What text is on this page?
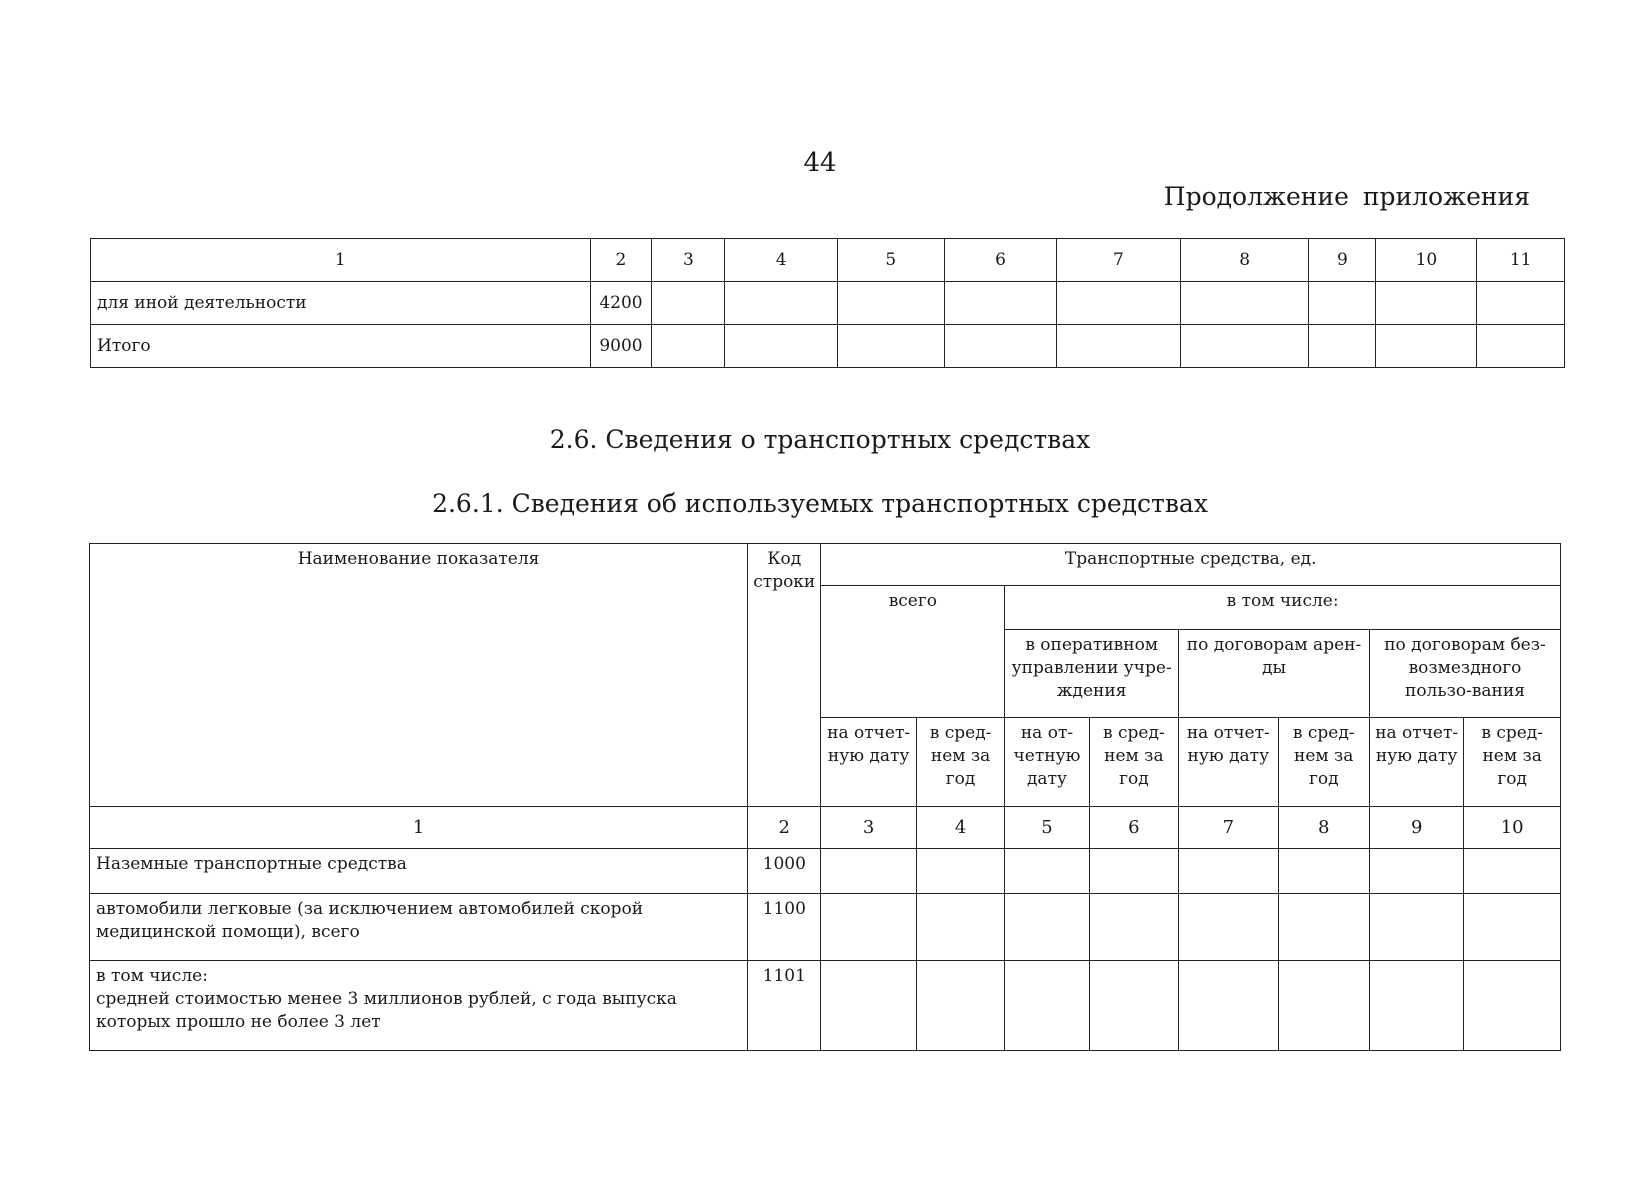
44
Продолжение приложения
1	2	3	4	5	6	7	8	9	10	11
для иной деятельности	4200									
Итого	9000									
2.6. Сведения о транспортных средствах
2.6.1. Сведения об используемых транспортных средствах
Наименование показателя	Код строки	Транспортные средства, ед.							
		всего		в том числе:					
				в оперативном управлении учре-ждения		по договорам арен-ды		по договорам без-возмездного пользо-вания	
		на отчет-ную дату	в сред-нем за год	на от-четную дату	в сред-нем за год	на отчет-ную дату	в сред-нем за год	на отчет-ную дату	в сред-нем за год
1	2	3	4	5	6	7	8	9	10
Наземные транспортные средства	1000								
автомобили легковые (за исключением автомобилей скорой медицинской помощи), всего	1100								

в том числе:
средней стоимостью менее 3 миллионов рублей, с года выпуска которых прошло не более 3 лет	1101								
